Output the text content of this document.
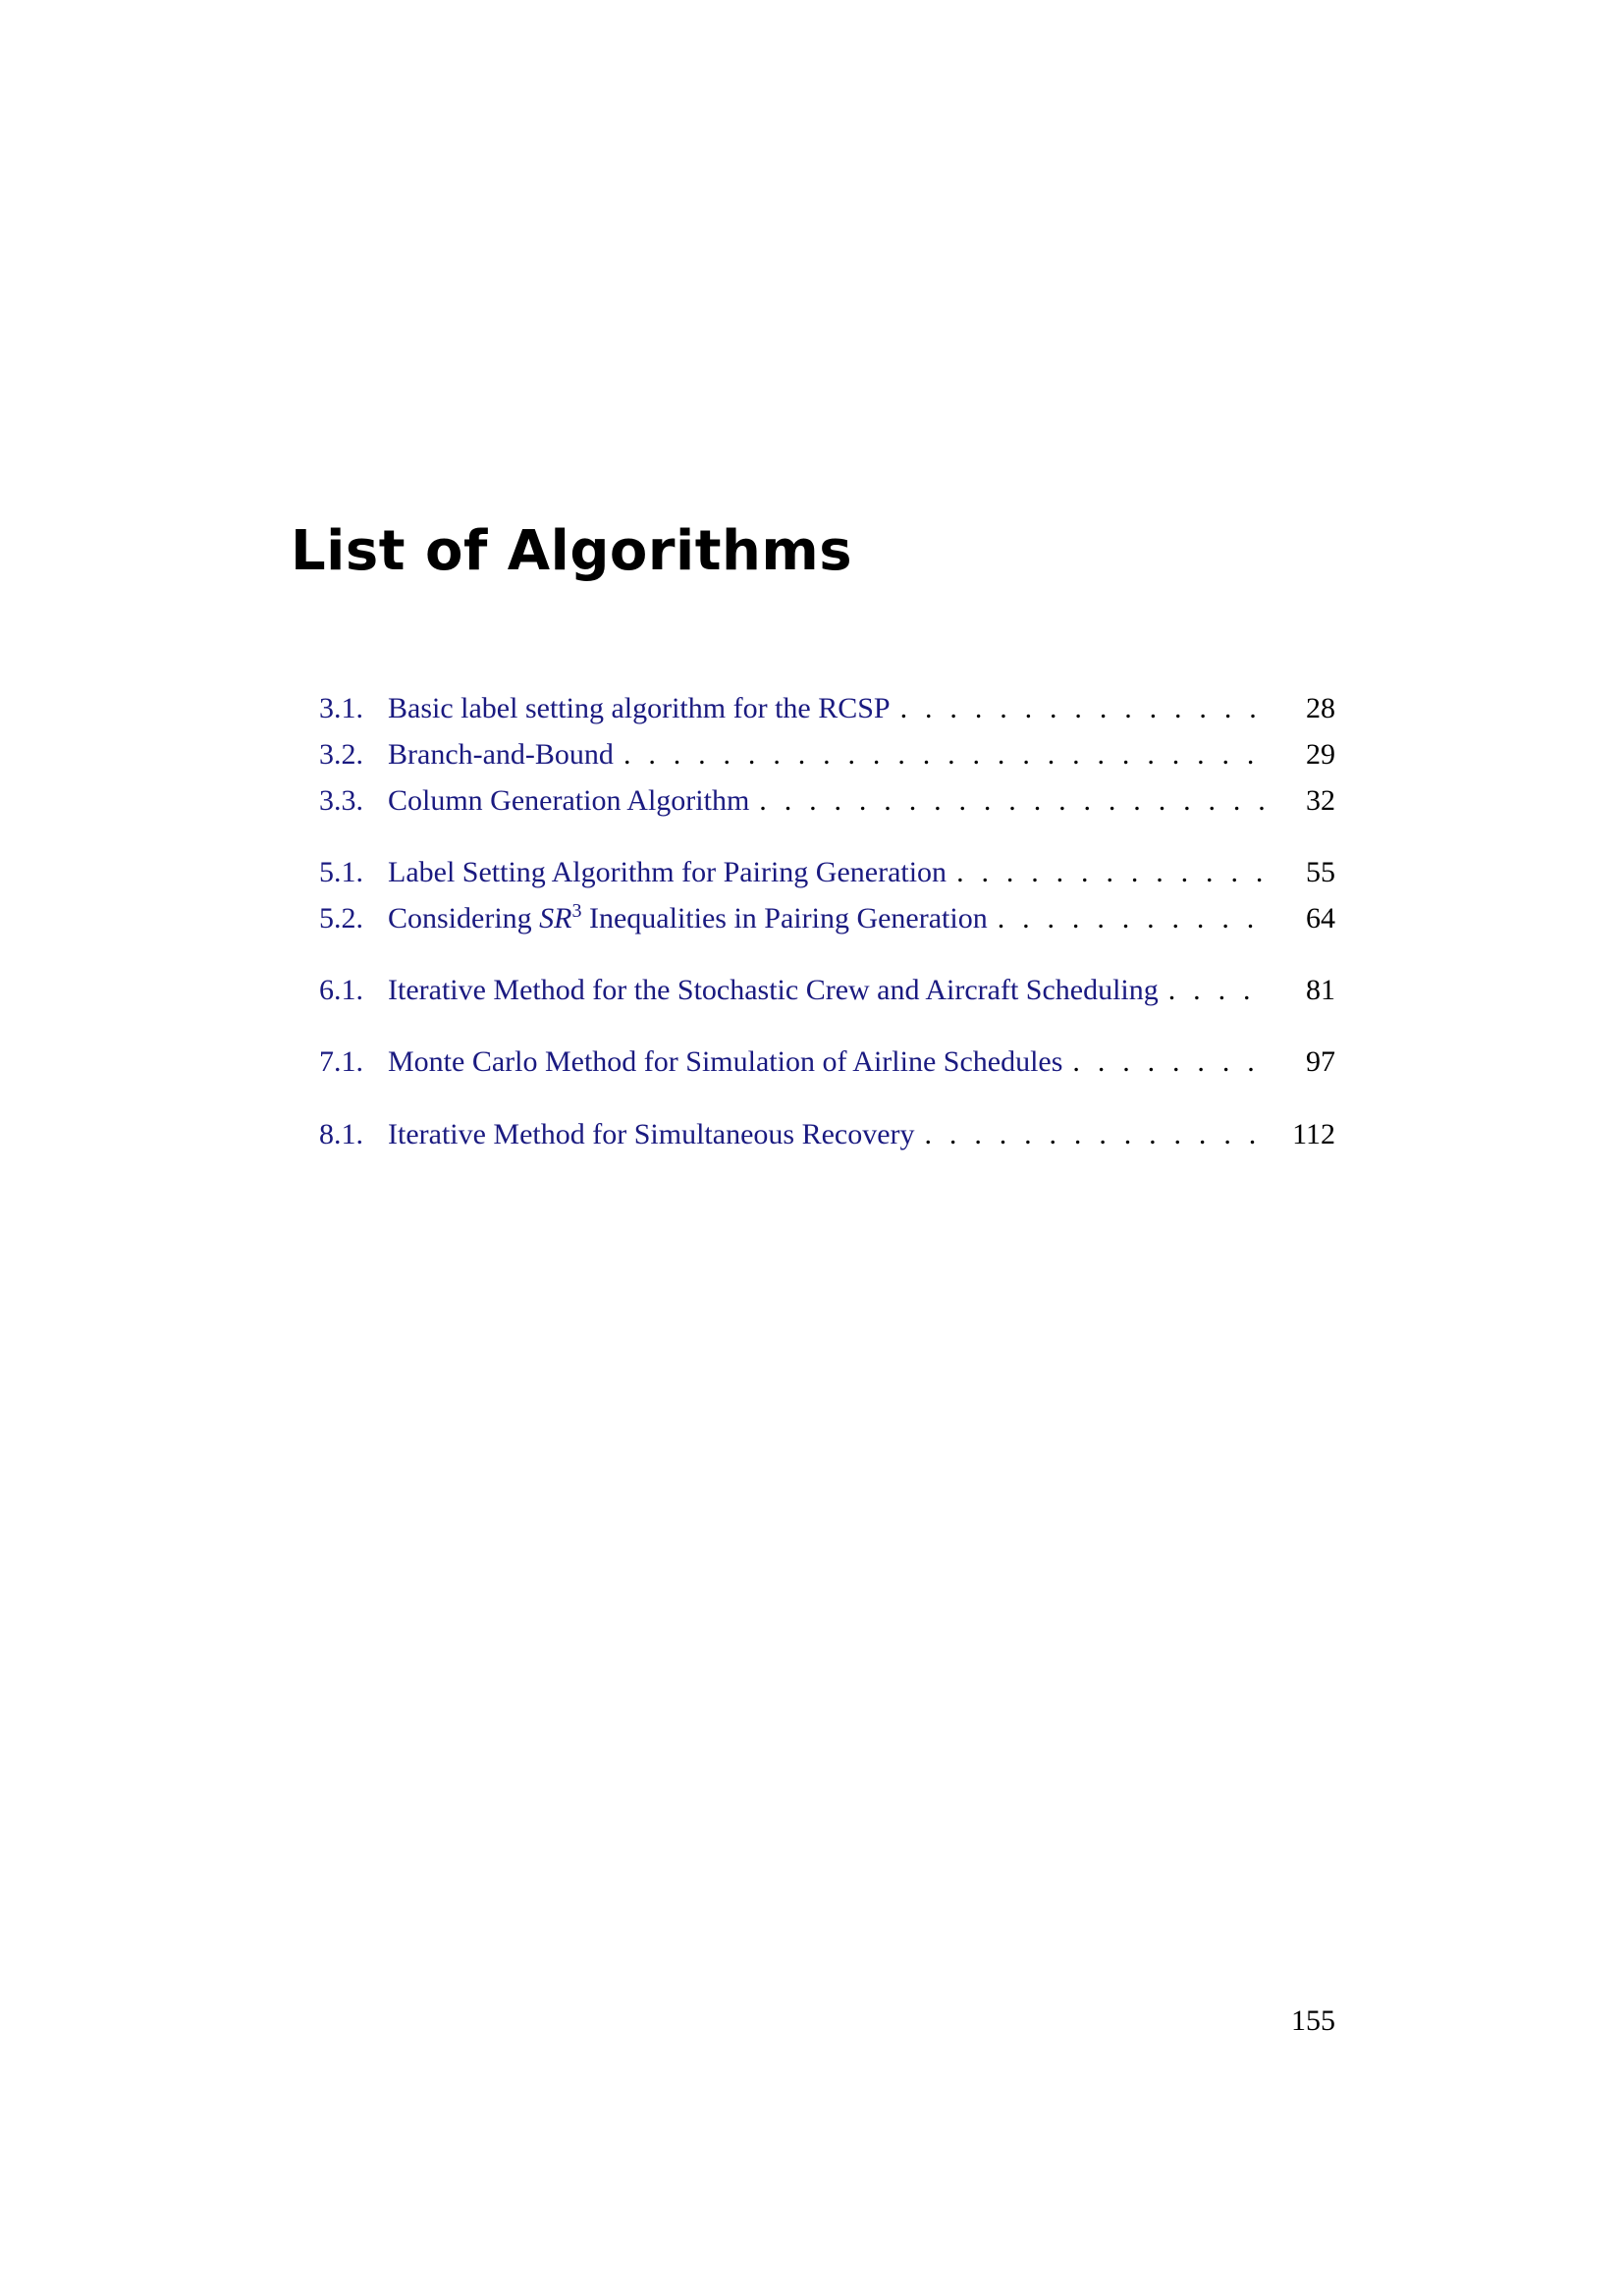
List of Algorithms
3.1. Basic label setting algorithm for the RCSP . . .	28
3.2. Branch-and-Bound . . .	29
3.3. Column Generation Algorithm . . .	32
5.1. Label Setting Algorithm for Pairing Generation . . .	55
5.2. Considering $SR^3$ Inequalities in Pairing Generation . . .	64
6.1. Iterative Method for the Stochastic Crew and Aircraft Scheduling . . .	81
7.1. Monte Carlo Method for Simulation of Airline Schedules . . .	97
8.1. Iterative Method for Simultaneous Recovery . . .	112
155
